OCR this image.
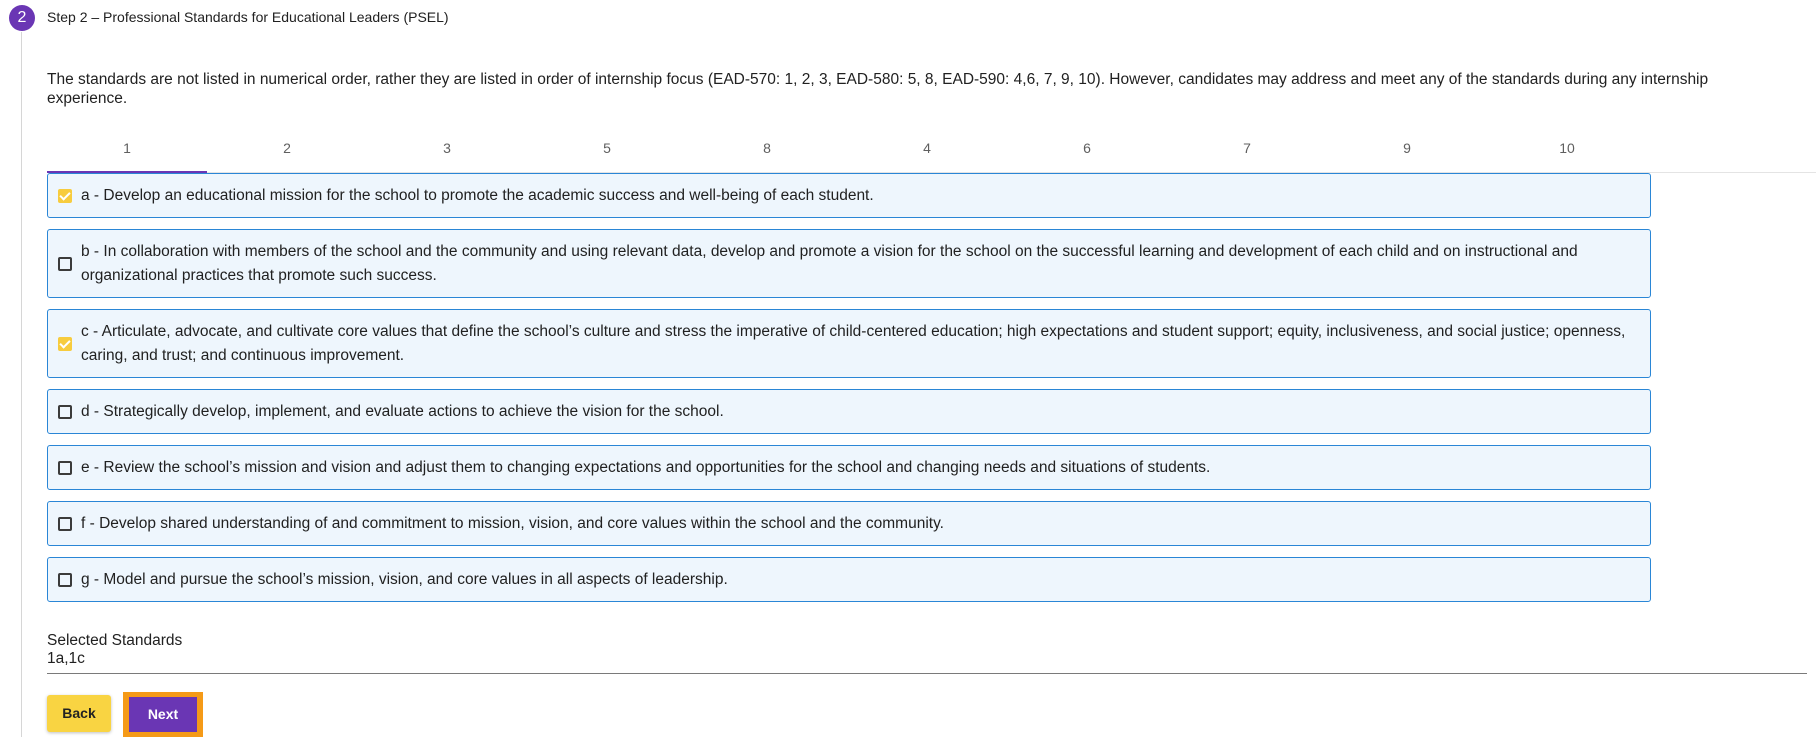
2	Step 2 – Professional Standards for Educational Leaders (PSEL)
The standards are not listed in numerical order, rather they are listed in order of internship focus (EAD-570: 1, 2, 3, EAD-580: 5, 8, EAD-590: 4,6, 7, 9, 10). However, candidates may address and meet any of the standards during any internship experience.
1	2	3	5	8	4	6	7	9	10
a - Develop an educational mission for the school to promote the academic success and well-being of each student.
b - In collaboration with members of the school and the community and using relevant data, develop and promote a vision for the school on the successful learning and development of each child and on instructional and organizational practices that promote such success.
c - Articulate, advocate, and cultivate core values that define the school’s culture and stress the imperative of child-centered education; high expectations and student support; equity, inclusiveness, and social justice; openness, caring, and trust; and continuous improvement.
d - Strategically develop, implement, and evaluate actions to achieve the vision for the school.
e - Review the school’s mission and vision and adjust them to changing expectations and opportunities for the school and changing needs and situations of students.
f - Develop shared understanding of and commitment to mission, vision, and core values within the school and the community.
g - Model and pursue the school’s mission, vision, and core values in all aspects of leadership.
Selected Standards
1a,1c
Back	Next
